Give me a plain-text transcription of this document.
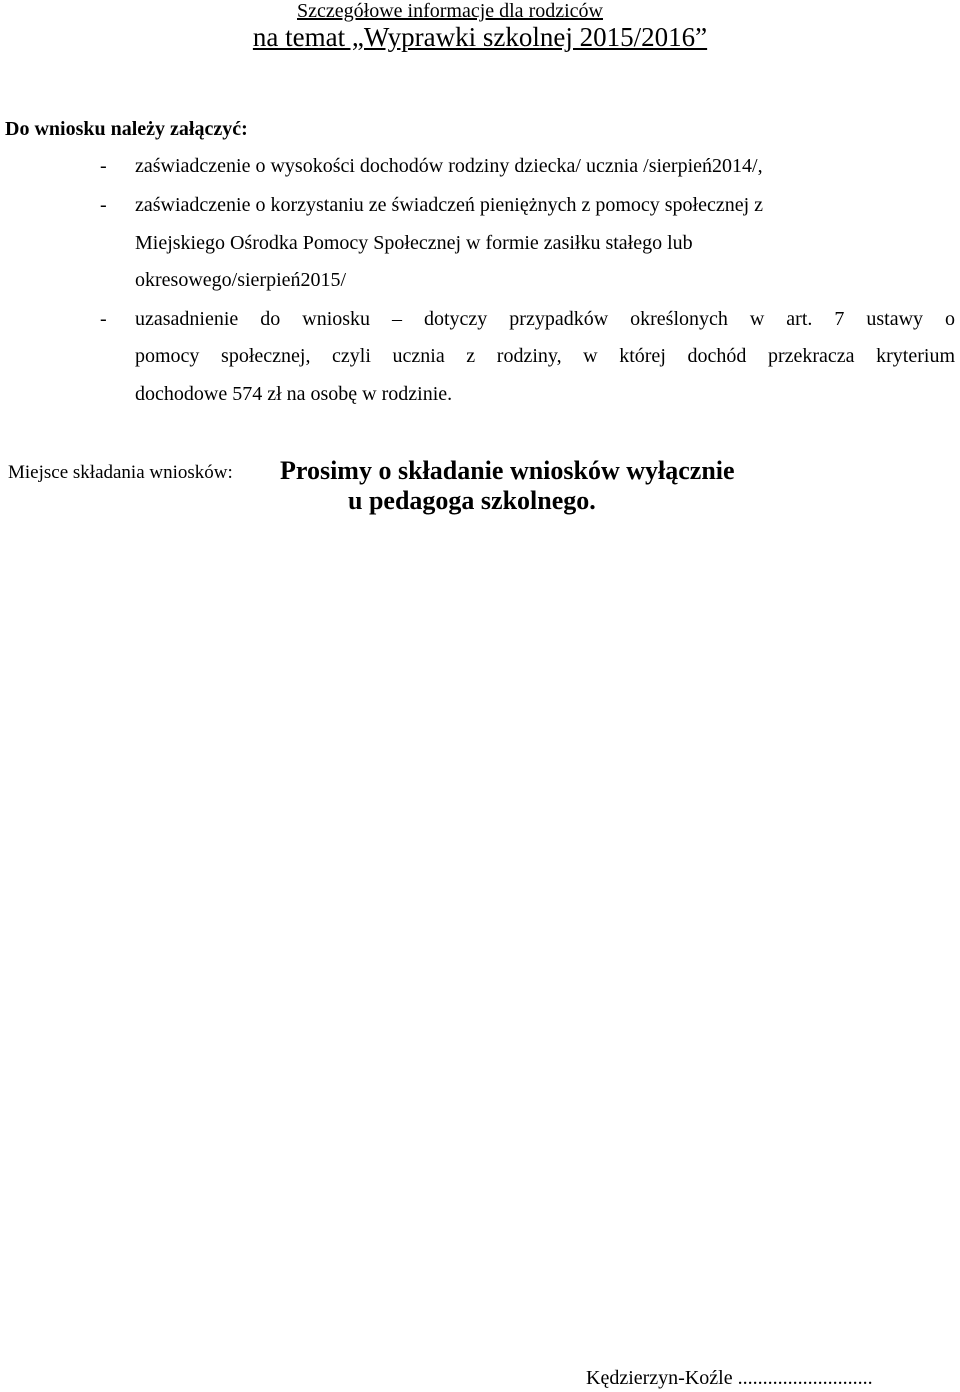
Szczegółowe informacje dla rodziców
na temat „Wyprawki szkolnej 2015/2016”
Do wniosku należy załączyć:
- zaświadczenie o wysokości dochodów rodziny dziecka/ ucznia /sierpień2014/,
- zaświadczenie o korzystaniu ze świadczeń pieniężnych z pomocy społecznej z
Miejskiego Ośrodka Pomocy Społecznej w formie zasiłku stałego lub
okresowego/sierpień2015/
- uzasadnienie do wniosku – dotyczy przypadków określonych w art. 7 ustawy o
pomocy społecznej, czyli ucznia z rodziny, w której dochód przekracza kryterium
dochodowe 574 zł na osobę w rodzinie.
Miejsce składania wniosków: Prosimy o składanie wniosków wyłącznie
u pedagoga szkolnego.
Kędzierzyn-Koźle ...........................
